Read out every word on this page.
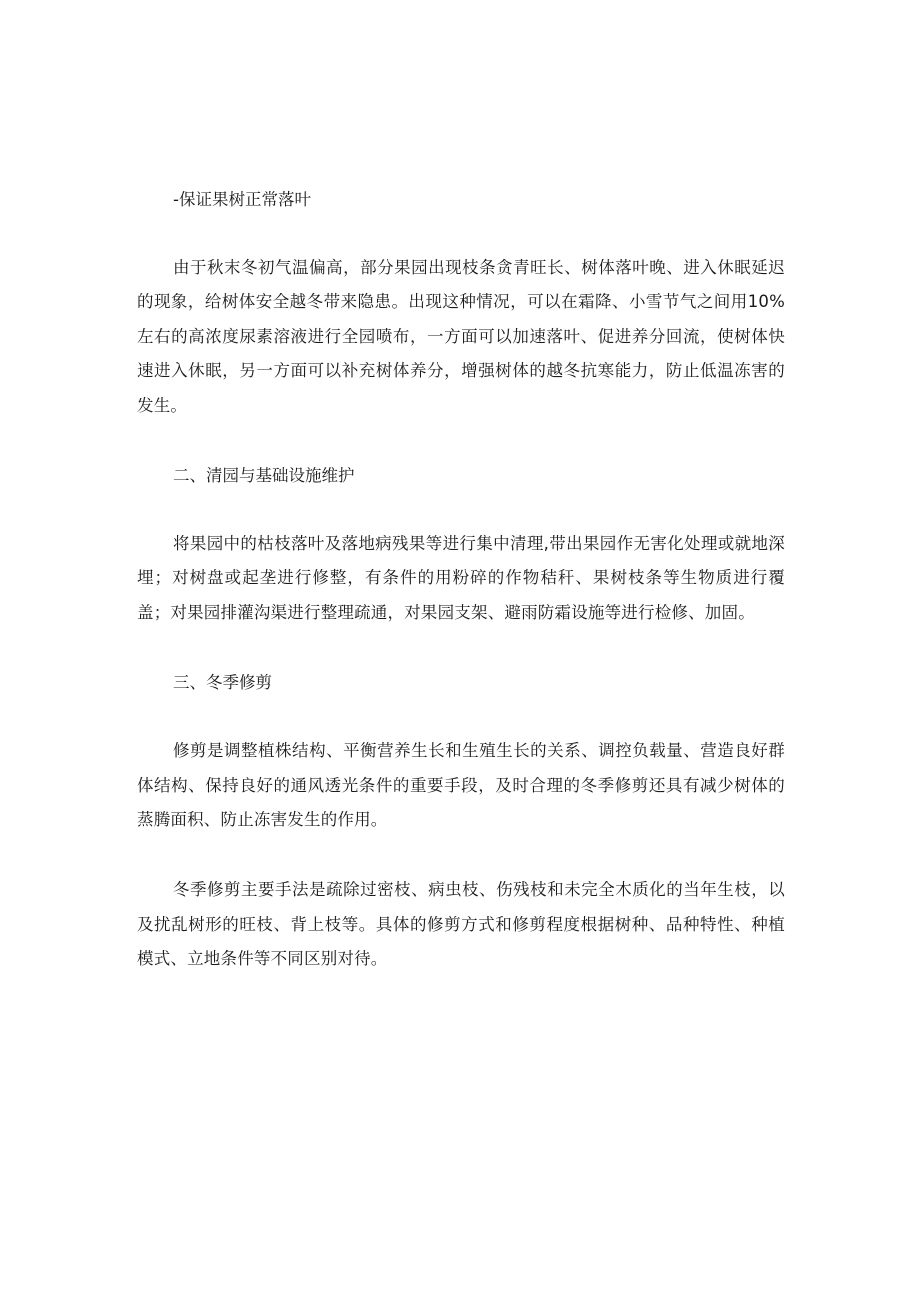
-保证果树正常落叶

由于秋末冬初气温偏高，部分果园出现枝条贪青旺长、树体落叶晚、进入休眠延迟的现象，给树体安全越冬带来隐患。出现这种情况，可以在霜降、小雪节气之间用10%左右的高浓度尿素溶液进行全园喷布，一方面可以加速落叶、促进养分回流，使树体快速进入休眠，另一方面可以补充树体养分，增强树体的越冬抗寒能力，防止低温冻害的发生。

二、清园与基础设施维护

将果园中的枯枝落叶及落地病残果等进行集中清理,带出果园作无害化处理或就地深埋；对树盘或起垄进行修整，有条件的用粉碎的作物秸秆、果树枝条等生物质进行覆盖；对果园排灌沟渠进行整理疏通，对果园支架、避雨防霜设施等进行检修、加固。

三、冬季修剪

修剪是调整植株结构、平衡营养生长和生殖生长的关系、调控负载量、营造良好群体结构、保持良好的通风透光条件的重要手段，及时合理的冬季修剪还具有减少树体的蒸腾面积、防止冻害发生的作用。

冬季修剪主要手法是疏除过密枝、病虫枝、伤残枝和未完全木质化的当年生枝，以及扰乱树形的旺枝、背上枝等。具体的修剪方式和修剪程度根据树种、品种特性、种植模式、立地条件等不同区别对待。
